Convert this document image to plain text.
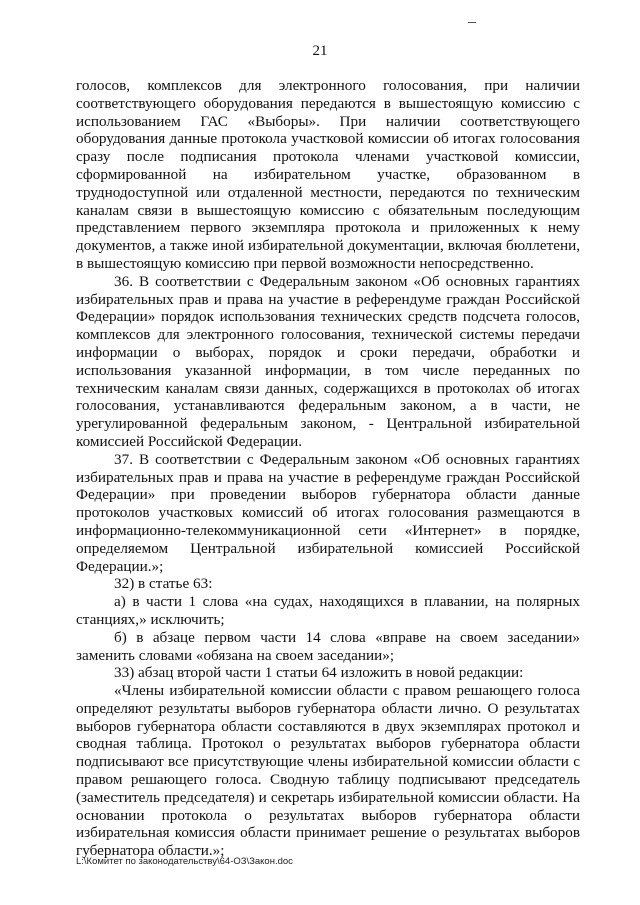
21

голосов, комплексов для электронного голосования, при наличии соответствующего оборудования передаются в вышестоящую комиссию с использованием ГАС «Выборы». При наличии соответствующего оборудования данные протокола участковой комиссии об итогах голосования сразу после подписания протокола членами участковой комиссии, сформированной на избирательном участке, образованном в труднодоступной или отдаленной местности, передаются по техническим каналам связи в вышестоящую комиссию с обязательным последующим представлением первого экземпляра протокола и приложенных к нему документов, а также иной избирательной документации, включая бюллетени, в вышестоящую комиссию при первой возможности непосредственно.

36. В соответствии с Федеральным законом «Об основных гарантиях избирательных прав и права на участие в референдуме граждан Российской Федерации» порядок использования технических средств подсчета голосов, комплексов для электронного голосования, технической системы передачи информации о выборах, порядок и сроки передачи, обработки и использования указанной информации, в том числе переданных по техническим каналам связи данных, содержащихся в протоколах об итогах голосования, устанавливаются федеральным законом, а в части, не урегулированной федеральным законом, - Центральной избирательной комиссией Российской Федерации.

37. В соответствии с Федеральным законом «Об основных гарантиях избирательных прав и права на участие в референдуме граждан Российской Федерации» при проведении выборов губернатора области данные протоколов участковых комиссий об итогах голосования размещаются в информационно-телекоммуникационной сети «Интернет» в порядке, определяемом Центральной избирательной комиссией Российской Федерации.»;

32) в статье 63:

а) в части 1 слова «на судах, находящихся в плавании, на полярных станциях,» исключить;

б) в абзаце первом части 14 слова «вправе на своем заседании» заменить словами «обязана на своем заседании»;

33) абзац второй части 1 статьи 64 изложить в новой редакции:

«Члены избирательной комиссии области с правом решающего голоса определяют результаты выборов губернатора области лично. О результатах выборов губернатора области составляются в двух экземплярах протокол и сводная таблица. Протокол о результатах выборов губернатора области подписывают все присутствующие члены избирательной комиссии области с правом решающего голоса. Сводную таблицу подписывают председатель (заместитель председателя) и секретарь избирательной комиссии области. На основании протокола о результатах выборов губернатора области избирательная комиссия области принимает решение о результатах выборов губернатора области.»;

L:\Комитет по законодательству\64-ОЗ\Закон.doc
